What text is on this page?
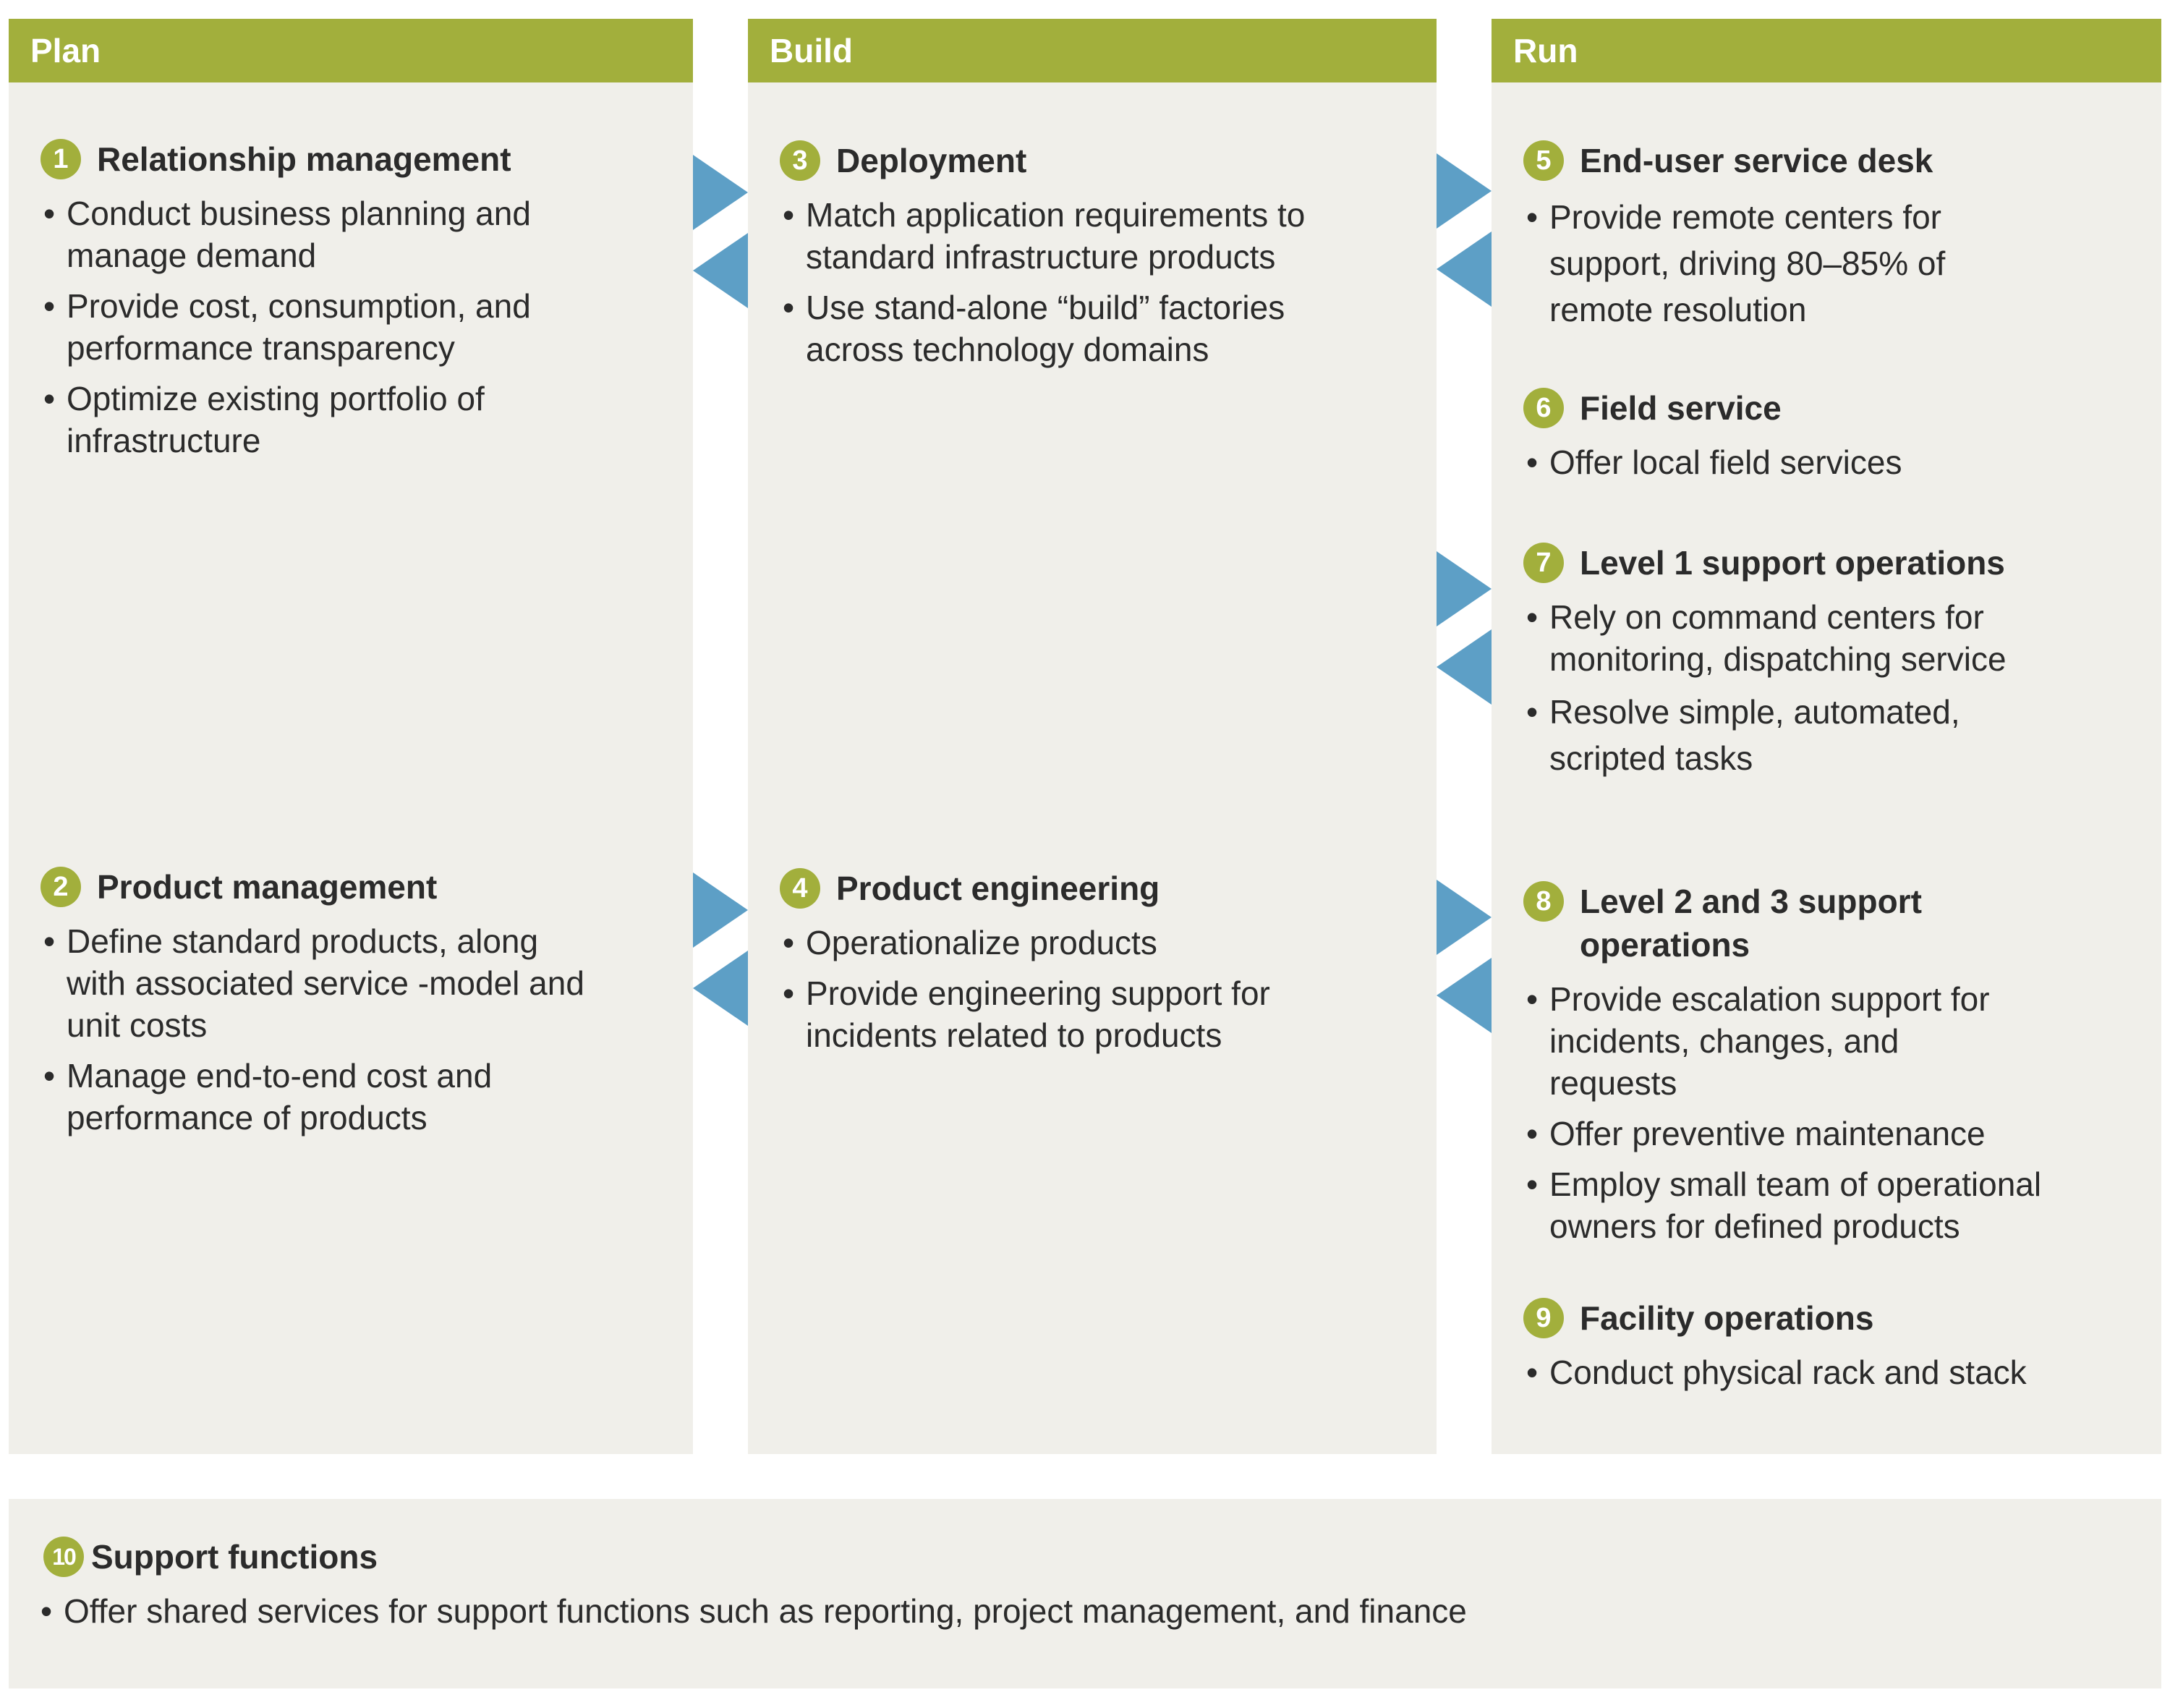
Plan
1 Relationship management
• Conduct business planning and manage demand
• Provide cost, consumption, and performance transparency
• Optimize existing portfolio of infrastructure
2 Product management
• Define standard products, along with associated service -model and unit costs
• Manage end-to-end cost and performance of products
Build
3 Deployment
• Match application requirements to standard infrastructure products
• Use stand-alone “build” factories across technology domains
4 Product engineering
• Operationalize products
• Provide engineering support for incidents related to products
Run
5 End-user service desk
• Provide remote centers for support, driving 80–85% of remote resolution
6 Field service
• Offer local field services
7 Level 1 support operations
• Rely on command centers for monitoring, dispatching service
• Resolve simple, automated, scripted tasks
8 Level 2 and 3 support operations
• Provide escalation support for incidents, changes, and requests
• Offer preventive maintenance
• Employ small team of operational owners for defined products
9 Facility operations
• Conduct physical rack and stack
10 Support functions
• Offer shared services for support functions such as reporting, project management, and finance
